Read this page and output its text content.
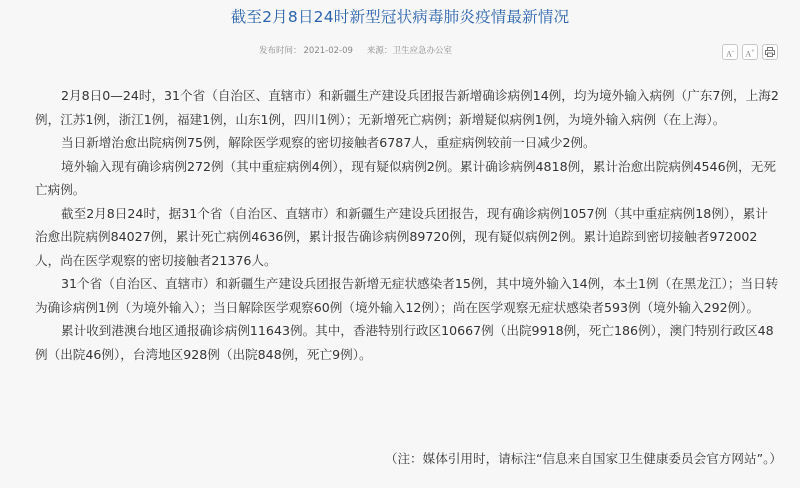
截至2月8日24时新型冠状病毒肺炎疫情最新情况
发布时间： 2021-02-09 来源：卫生应急办公室	A-	A+

2月8日0—24时，31个省（自治区、直辖市）和新疆生产建设兵团报告新增确诊病例14例，均为境外输入病例（广东7例，上海2例，江苏1例，浙江1例，福建1例，山东1例，四川1例）；无新增死亡病例；新增疑似病例1例，为境外输入病例（在上海）。

当日新增治愈出院病例75例，解除医学观察的密切接触者6787人，重症病例较前一日减少2例。

境外输入现有确诊病例272例（其中重症病例4例），现有疑似病例2例。累计确诊病例4818例，累计治愈出院病例4546例，无死亡病例。

截至2月8日24时，据31个省（自治区、直辖市）和新疆生产建设兵团报告，现有确诊病例1057例（其中重症病例18例），累计治愈出院病例84027例，累计死亡病例4636例，累计报告确诊病例89720例，现有疑似病例2例。累计追踪到密切接触者972002人，尚在医学观察的密切接触者21376人。

31个省（自治区、直辖市）和新疆生产建设兵团报告新增无症状感染者15例，其中境外输入14例，本土1例（在黑龙江）；当日转为确诊病例1例（为境外输入）；当日解除医学观察60例（境外输入12例）；尚在医学观察无症状感染者593例（境外输入292例）。

累计收到港澳台地区通报确诊病例11643例。其中，香港特别行政区10667例（出院9918例，死亡186例），澳门特别行政区48例（出院46例），台湾地区928例（出院848例，死亡9例）。

（注：媒体引用时，请标注“信息来自国家卫生健康委员会官方网站”。）
